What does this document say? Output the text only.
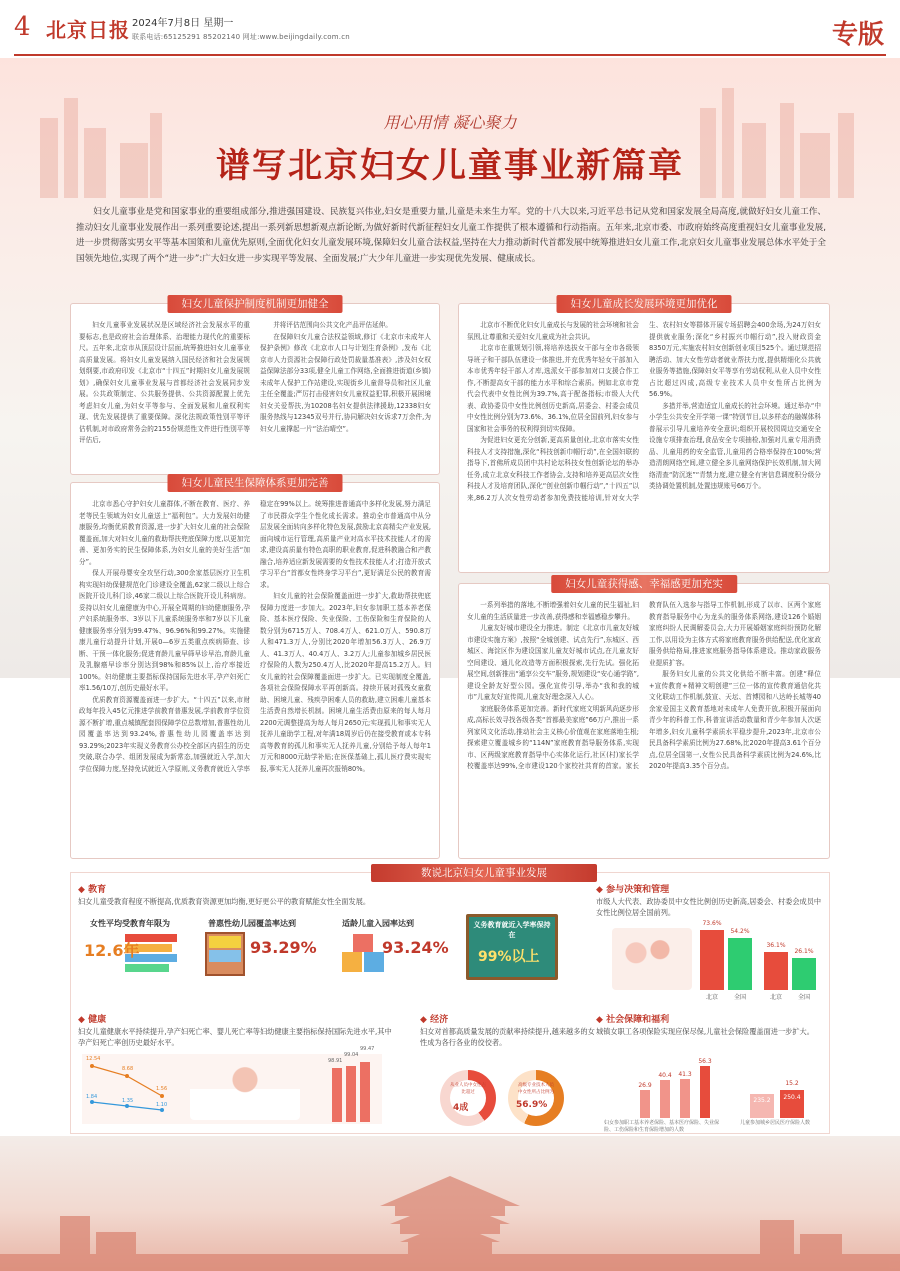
4 北京日报 2024年7月8日 星期一
联系电话:65125291 85202140 网址:www.beijingdaily.com.cn	专版
用心用情 凝心聚力
谱写北京妇女儿童事业新篇章
妇女儿童事业是党和国家事业的重要组成部分,推进强国建设、民族复兴伟业,妇女是重要力量,儿童是未来生力军。党的十八大以来,习近平总书记从党和国家发展全局高度,就做好妇女儿童工作、推动妇女儿童事业发展作出一系列重要论述,提出一系列新思想新观点新论断,为做好新时代新征程妇女儿童工作提供了根本遵循和行动指南。五年来,北京市委、市政府始终高度重视妇女儿童事业发展,进一步贯彻落实男女平等基本国策和儿童优先原则,全面优化妇女儿童发展环境,保障妇女儿童合法权益,坚持在大力推动新时代首都发展中统筹推进妇女儿童工作,北京妇女儿童事业发展总体水平处于全国领先地位,实现了两个“进一步”:广大妇女进一步实现平等发展、全面发展;广大少年儿童进一步实现优先发展、健康成长。
妇女儿童保护制度机制更加健全

妇女儿童事业发展状况是区域经济社会发展水平的重要标志,也是政府社会治理体系、治理能力现代化的重要标尺。五年来,北京市从顶层设计层面,统筹推进妇女儿童事业高质量发展。将妇女儿童发展纳入国民经济和社会发展规划纲要,市政府印发《北京市“十四五”时期妇女儿童发展规划》,确保妇女儿童事业发展与首都经济社会发展同步发展。公共政策制定、公共服务提供、公共资源配置上优先考虑妇女儿童,为妇女平等参与、全面发展和儿童权利实现、优先发展提供了重要保障。深化法规政策性别平等评估机制,对市政府常务会的2155份规范性文件进行性别平等评估后,

并将评估范围向公共文化产品评估延伸。

在保障妇女儿童合法权益领域,修订《北京市未成年人保护条例》修改《北京市人口与计划生育条例》,发布《北京市人力资源社会保障行政处罚裁量基准表》,涉及妇女权益保障法部分33项,健全儿童工作网络,全面推进街道(乡镇)未成年人保护工作站建设,实现街乡儿童督导员和社区儿童主任全覆盖;严厉打击侵害妇女儿童权益犯罪,积极开展困境妇女关爱帮扶,为10208名妇女提供法律援助,12338妇女服务热线与12345双号并行,协同解决妇女诉求7万余件,为妇女儿童撑起一片“法治晴空”。

妇女儿童民生保障体系更加完善

北京市悉心守护妇女儿童群体,不断在教育、医疗、养老等民生领域为妇女儿童送上“福利包”。大力发展妇幼健康服务,均衡优质教育资源,进一步扩大妇女儿童的社会保险覆盖面,加大对妇女儿童的救助帮扶兜底保障力度,以更加完善、更加务实的民生保障体系,为妇女儿童的美好生活“加分”。

保人开展母婴安全攻坚行动,300余家基层医疗卫生机构实现妇幼保健规范化门诊建设全覆盖,62家二级以上综合医院开设儿科门诊,46家二级以上综合医院开设儿科病房。妥持以妇女儿童健康为中心,开展全周期的妇幼健康服务,孕产妇系统服务率、3岁以下儿童系统服务率和7岁以下儿童健康服务率分别为99.47%、96.96%和99.27%。实施健康儿童行动提升计划,开展0—6岁五类重点疾病筛查、诊断、干预一体化服务;促进育龄儿童早筛早诊早治,育龄儿童及乳腺癌早诊率分别达到98%和85%以上,治疗率接近100%。妇幼健康主要指标保持国际先进水平,孕产妇死亡率1.56/10万,创历史最好水平。

优质教育资源覆盖面进一步扩大。“十四五”以来,市财政每年投入45亿元推进学前教育普惠发展,学前教育学位资源不断扩增,重点城镇配套园保障学位总数增加,普惠性幼儿园覆盖率达到93.24%,普惠性幼儿园覆盖率达到93.29%;2023年实现义务教育公办校全部区内招生的历史突破,联合办学、组团发展成为新常态,加强就近入学,加大学位保障力度,坚持免试就近入学原则,义务教育就近入学率稳定在99%以上。统筹推进普通高中多样化发展,努力满足了市民群众学生个性化成长需求。推动全市普通高中从分层发展全面转向多样化特色发展,鼓励北京高精尖产业发展,面向城市运行管理,高质量产业对高水平技术技能人才的需求,建设高质量有特色高职的职业教育,促进科教融合和产教融合,培养适应新发展需要的女性技术技能人才;打造开放式学习平台“首都女性终身学习平台”,更好满足公民的教育需求。

妇女儿童的社会保险覆盖面进一步扩大,救助帮扶兜底保障力度进一步加大。2023年,妇女参加职工基本养老保险、基本医疗保险、失业保险、工伤保险和生育保险的人数分别为6715万人、708.4万人、621.0万人、590.8万人和471.3万人,分别比2020年增加56.3万人、26.9万人、41.3万人、40.4万人、3.2万人;儿童参加城乡居民医疗保险的人数为250.4万人,比2020年提高15.2万人。妇女儿童的社会保障覆盖面进一步扩大。已实现制度全覆盖,各项社会保险保障水平再创新高。持续开展对孤残女童救助、困境儿童、残疾孕困难人员的救助,建立困难儿童基本生活费自然增长机制。困境儿童生活费由原来的每人每月2200元调整提高为每人每月2650元;实现孤儿和事实无人抚养儿童助学工程,对年满18周岁后仍在接受教育或本专科高等教育的孤儿和事实无人抚养儿童,分别给予每人每年1万元和8000元助学补贴;在医保基础上,孤儿医疗费实现实报,事实无人抚养儿童再次报销80%。

妇女儿童成长发展环境更加优化

北京市不断优化妇女儿童成长与发展的社会环境和社会氛围,让尊重和关爱妇女儿童成为社会共识。

北京市在重规划引领,将培养选拔女干部与全市各级领导班子和干部队伍建设一体推进,并充优秀年轻女干部加入本市优秀年轻干部人才库,选派女干部参加对口支援合作工作,不断提高女干部的能力水平和综合素质。例如北京市党代会代表中女性比例为39.7%,高于配备指标;市级人大代表、政协委员中女性比例创历史新高,居委会、村委会成员中女性比例分别为73.6%、36.1%,位居全国前列,妇女参与国家和社会事务的权利得到切实保障。

为促进妇女更充分创新,更高质量创业,北京市落实女性科技人才支持措施,深化“科技创新巾帼行动”,在全国妇联的指导下,首佛所成员团中共村论坛科技女性创新论坛的举办任务,成立北京女科技工作者协会,支持和培养更高层次女性科技人才及培育团队,深化“创业创新巾帼行动”,“十四五”以来,86.2万人次女性劳动者参加免费技能培训,针对女大学生、农村妇女等群体开展专场招聘会400余场,为24万妇女提供就业服务;深化“乡村振兴巾帼行动”,投入财政资金8350万元,实施农村妇女创新创业项目525个。通过规范招聘活动、加大女性劳动者就业帮扶力度,提供精细化公共就业服务等措施,保障妇女平等享有劳动权利,从业人员中女性占比超过四成,高级专业技术人员中女性所占比例为56.9%。

多措并举,营造适宜儿童成长的社会环境。通过举办“中小学生公共安全开学第一课”特别节目,以多样态的融媒体科普展示引导儿童培养安全意识;组织开展校园周边交通安全设施专项排查治理,食品安全专项抽检,加强对儿童专用消费品、儿童用药的安全监管,儿童用药合格率保持在100%;营造清朗网络空间,建立健全多儿童网络保护长效机制,加大网络清查“防沉迷”“青禁力度,建立健全有害信息调度积分级分类协调处置机制,处置违规账号66万个。

妇女儿童获得感、幸福感更加充实

一系列举措的落地,不断增强着妇女儿童的民生福祉,妇女儿童的生活质量进一步改善,获得感和幸福感稳步攀升。

儿童友好城市建设全力推进。制定《北京市儿童友好城市建设实施方案》,按照“全城创建、试点先行”,东城区、西城区、海淀区作为建设国家儿童友好城市试点,在儿童友好空间建设、通儿化改造等方面积极探索,先行先试。强化拓展空间,创新推出“通享公交车”服务,规划建设“安心通学路”,建设全龄友好型公园。强化宣传引导,举办“我和我的城市”儿童友好宣传周,儿童友好理念深入人心。

家庭服务体系更加完善。新时代家庭文明新风尚逐步形成,高标长效寻找各级各类“首都最美家庭”66万户,推出一系列家风文化活动,推动社会主义核心价值观在家庭落地生根;探索建立覆盖城乡的“114N”家庭教育指导服务体系,实现市、区两级家庭教育指导中心实体化运行,社区(村)家长学校覆盖率达99%,全市建设120个家校社共育的首家。家长教育队伍入选参与指导工作机制,形成了以市、区两个家庭教育指导服务中心为龙头的服务体系网络,建设126个婚姻家庭纠纷人民调解委员会,大力开展婚姻家庭纠纷预防化解工作,以用设为主体方式将家庭教育服务供给配送,优化家政服务供给格局,推进家庭服务指导体系建设。推动家政服务业提质扩容。

服务妇女儿童的公共文化供给不断丰富。创建“释位+宣传教育+精神文明创建”三位一体的宣传教育通信化共文化联动工作机制,鼓宣、天坛、首博园和八达岭长城等40余家爱国主义教育基地对未成年人免费开放,积极开展面向青少年的科普工作,科普宣讲活动数量和青少年参加人次逐年增多,妇女儿童科学素质水平稳步提升,2023年,北京市公民具备科学素质比例为27.68%,比2020年提高3.61个百分点,位居全国第一,女性公民具备科学素质比例为24.6%,比2020年提高3.35个百分点。

数说北京妇女儿童事业发展
◆ 教育
妇女儿童受教育程度不断提高,优质教育资源更加均衡,更好更公平的教育赋能女性全面发展。
女性平均受教育年限为
12.6年
普惠性幼儿园覆盖率达到
93.29%
适龄儿童入园率达到
93.24%
义务教育就近入学率保持在
99%以上
◆ 参与决策和管理
市级人大代表、政协委员中女性比例创历史新高,居委会、村委会成员中女性比例位居全国前列。
73.6%
54.2%
36.1%
26.1%
北京	全国	北京	全国
◆ 健康
妇女儿童健康水平持续提升,孕产妇死亡率、婴儿死亡率等妇幼健康主要指标保持国际先进水平,其中孕产妇死亡率创历史最好水平。
12.54
8.68
1.56
1.84
1.35
1.10
98.91
99.04
99.47
◆ 经济
妇女对首都高质量发展的贡献率持续提升,越来越多的女性成为各行各业的佼佼者。
从业人员中女性占比超过
4成
高级专业技术人员中女性所占比例为
56.9%
◆ 社会保障和福利
城镇女职工各项保险实现应保尽保,儿童社会保险覆盖面进一步扩大。
26.9
40.4	41.3
56.3
235.2	250.4
15.2
妇女参加职工基本养老保险、基本医疗保险、失业保险、工伤保险和生育保险增加的人数
儿童参加城乡居民医疗保险人数
